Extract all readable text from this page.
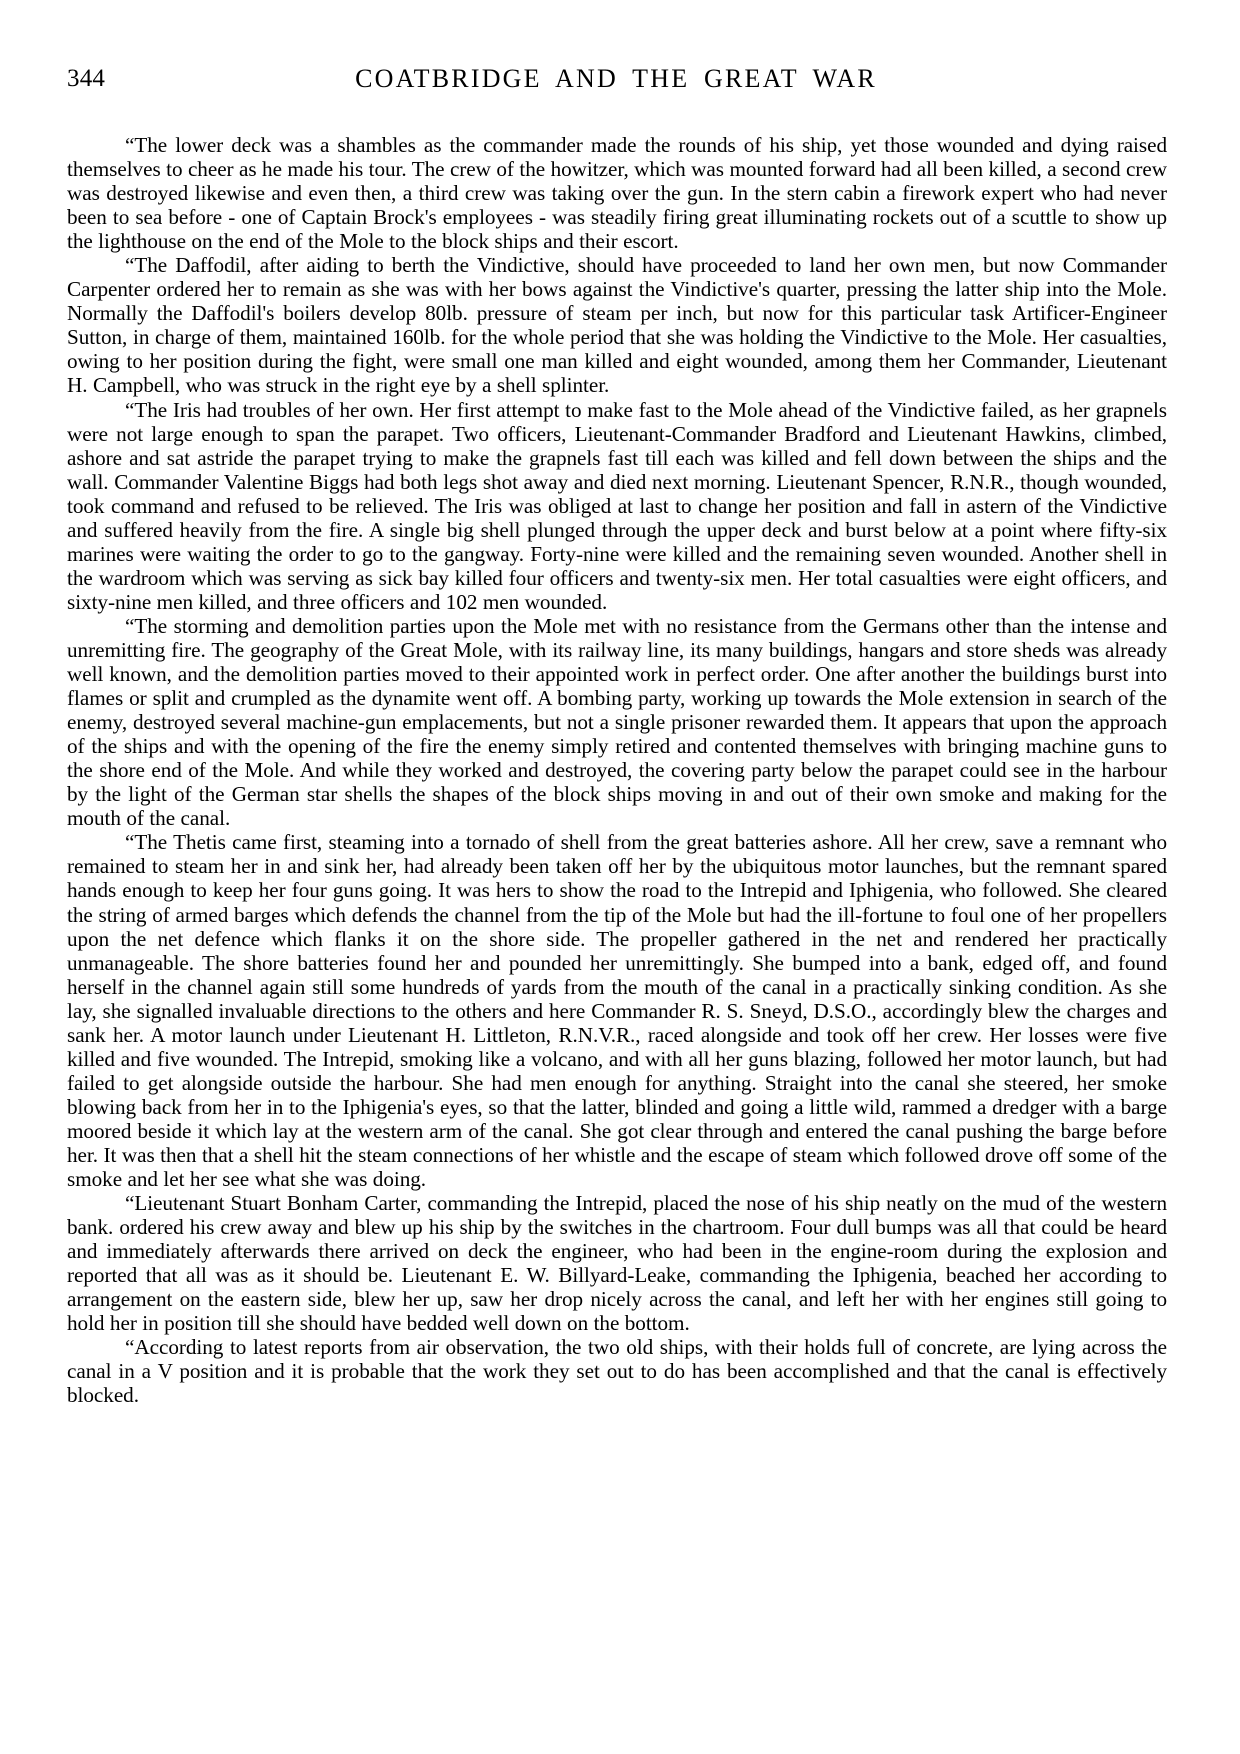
344	COATBRIDGE AND THE GREAT WAR

“The lower deck was a shambles as the commander made the rounds of his ship, yet those wounded and dying raised themselves to cheer as he made his tour. The crew of the howitzer, which was mounted forward had all been killed, a second crew was destroyed likewise and even then, a third crew was taking over the gun. In the stern cabin a firework expert who had never been to sea before - one of Captain Brock's employees - was steadily firing great illuminating rockets out of a scuttle to show up the lighthouse on the end of the Mole to the block ships and their escort.

“The Daffodil, after aiding to berth the Vindictive, should have proceeded to land her own men, but now Commander Carpenter ordered her to remain as she was with her bows against the Vindictive's quarter, pressing the latter ship into the Mole. Normally the Daffodil's boilers develop 80lb. pressure of steam per inch, but now for this particular task Artificer-Engineer Sutton, in charge of them, maintained 160lb. for the whole period that she was holding the Vindictive to the Mole. Her casualties, owing to her position during the fight, were small one man killed and eight wounded, among them her Commander, Lieutenant H. Campbell, who was struck in the right eye by a shell splinter.

“The Iris had troubles of her own. Her first attempt to make fast to the Mole ahead of the Vindictive failed, as her grapnels were not large enough to span the parapet. Two officers, Lieutenant-Commander Bradford and Lieutenant Hawkins, climbed, ashore and sat astride the parapet trying to make the grapnels fast till each was killed and fell down between the ships and the wall. Commander Valentine Biggs had both legs shot away and died next morning. Lieutenant Spencer, R.N.R., though wounded, took command and refused to be relieved. The Iris was obliged at last to change her position and fall in astern of the Vindictive and suffered heavily from the fire. A single big shell plunged through the upper deck and burst below at a point where fifty-six marines were waiting the order to go to the gangway. Forty-nine were killed and the remaining seven wounded. Another shell in the wardroom which was serving as sick bay killed four officers and twenty-six men. Her total casualties were eight officers, and sixty-nine men killed, and three officers and 102 men wounded.

“The storming and demolition parties upon the Mole met with no resistance from the Germans other than the intense and unremitting fire. The geography of the Great Mole, with its railway line, its many buildings, hangars and store sheds was already well known, and the demolition parties moved to their appointed work in perfect order. One after another the buildings burst into flames or split and crumpled as the dynamite went off. A bombing party, working up towards the Mole extension in search of the enemy, destroyed several machine-gun emplacements, but not a single prisoner rewarded them. It appears that upon the approach of the ships and with the opening of the fire the enemy simply retired and contented themselves with bringing machine guns to the shore end of the Mole. And while they worked and destroyed, the covering party below the parapet could see in the harbour by the light of the German star shells the shapes of the block ships moving in and out of their own smoke and making for the mouth of the canal.

“The Thetis came first, steaming into a tornado of shell from the great batteries ashore. All her crew, save a remnant who remained to steam her in and sink her, had already been taken off her by the ubiquitous motor launches, but the remnant spared hands enough to keep her four guns going. It was hers to show the road to the Intrepid and Iphigenia, who followed. She cleared the string of armed barges which defends the channel from the tip of the Mole but had the ill-fortune to foul one of her propellers upon the net defence which flanks it on the shore side. The propeller gathered in the net and rendered her practically unmanageable. The shore batteries found her and pounded her unremittingly. She bumped into a bank, edged off, and found herself in the channel again still some hundreds of yards from the mouth of the canal in a practically sinking condition. As she lay, she signalled invaluable directions to the others and here Commander R. S. Sneyd, D.S.O., accordingly blew the charges and sank her. A motor launch under Lieutenant H. Littleton, R.N.V.R., raced alongside and took off her crew. Her losses were five killed and five wounded. The Intrepid, smoking like a volcano, and with all her guns blazing, followed her motor launch, but had failed to get alongside outside the harbour. She had men enough for anything. Straight into the canal she steered, her smoke blowing back from her in to the Iphigenia's eyes, so that the latter, blinded and going a little wild, rammed a dredger with a barge moored beside it which lay at the western arm of the canal. She got clear through and entered the canal pushing the barge before her. It was then that a shell hit the steam connections of her whistle and the escape of steam which followed drove off some of the smoke and let her see what she was doing.

“Lieutenant Stuart Bonham Carter, commanding the Intrepid, placed the nose of his ship neatly on the mud of the western bank. ordered his crew away and blew up his ship by the switches in the chartroom. Four dull bumps was all that could be heard and immediately afterwards there arrived on deck the engineer, who had been in the engine-room during the explosion and reported that all was as it should be. Lieutenant E. W. Billyard-Leake, commanding the Iphigenia, beached her according to arrangement on the eastern side, blew her up, saw her drop nicely across the canal, and left her with her engines still going to hold her in position till she should have bedded well down on the bottom.

“According to latest reports from air observation, the two old ships, with their holds full of concrete, are lying across the canal in a V position and it is probable that the work they set out to do has been accomplished and that the canal is effectively blocked.
